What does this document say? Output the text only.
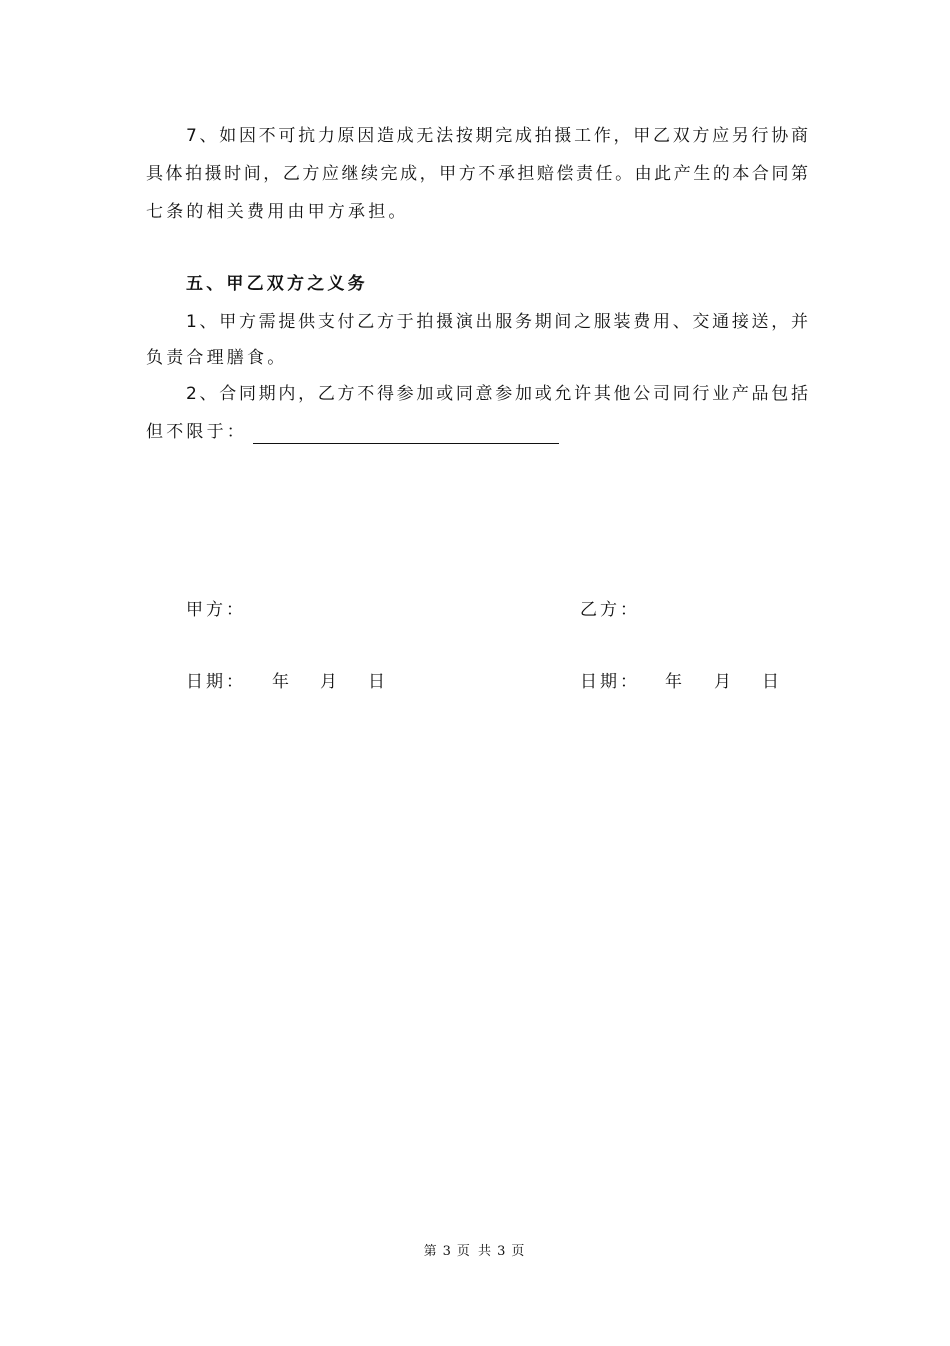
7、如因不可抗力原因造成无法按期完成拍摄工作，甲乙双方应另行协商
具体拍摄时间，乙方应继续完成，甲方不承担赔偿责任。由此产生的本合同第
七条的相关费用由甲方承担。
五、甲乙双方之义务
1、甲方需提供支付乙方于拍摄演出服务期间之服装费用、交通接送，并
负责合理膳食。
2、合同期内，乙方不得参加或同意参加或允许其他公司同行业产品包括
但不限于：
甲方：	乙方：
日期： 年 月 日	日期： 年 月 日
第 3 页 共 3 页
